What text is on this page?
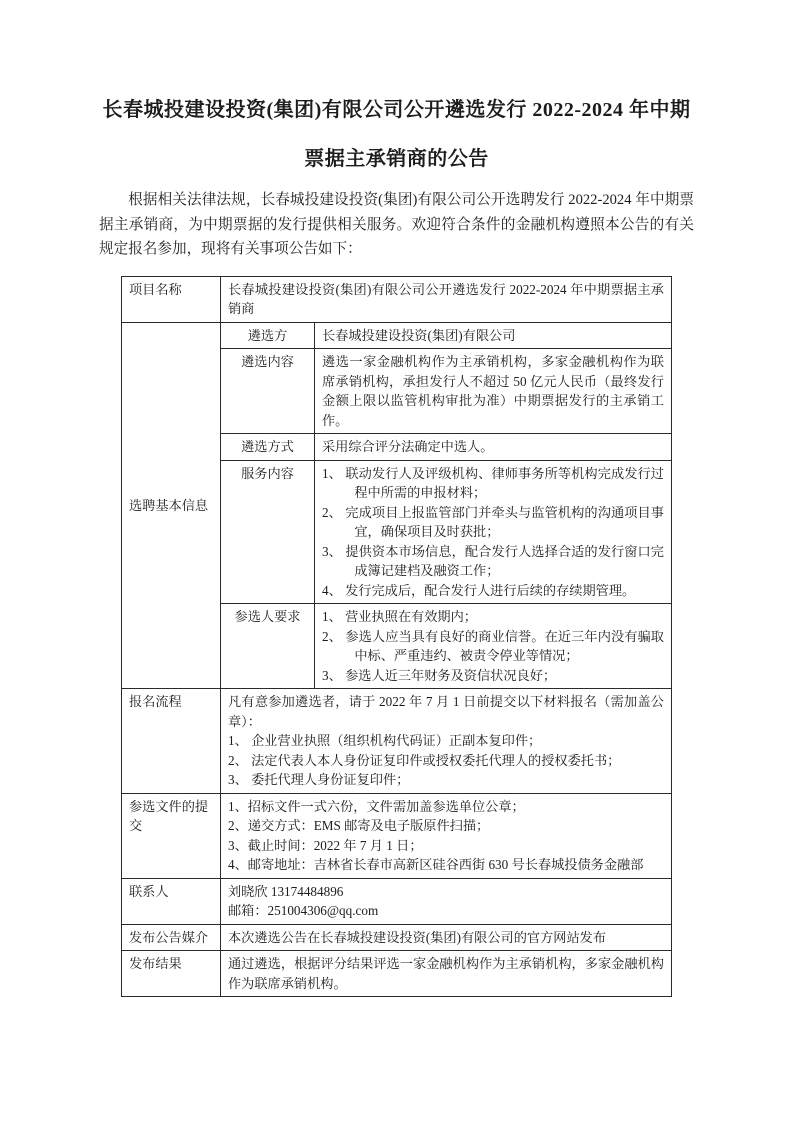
长春城投建设投资(集团)有限公司公开遴选发行 2022-2024 年中期
票据主承销商的公告

根据相关法律法规，长春城投建设投资(集团)有限公司公开选聘发行 2022-2024 年中期票据主承销商，为中期票据的发行提供相关服务。欢迎符合条件的金融机构遵照本公告的有关规定报名参加，现将有关事项公告如下：

项目名称	长春城投建设投资(集团)有限公司公开遴选发行 2022-2024 年中期票据主承销商	

选聘基本信息	遴选方	长春城投建设投资(集团)有限公司

	遴选内容	遴选一家金融机构作为主承销机构，多家金融机构作为联席承销机构，承担发行人不超过 50 亿元人民币（最终发行金额上限以监管机构审批为准）中期票据发行的主承销工作。

	遴选方式	采用综合评分法确定中选人。

	服务内容	1、 联动发行人及评级机构、律师事务所等机构完成发行过程中所需的申报材料；
2、 完成项目上报监管部门并牵头与监管机构的沟通项目事宜，确保项目及时获批；
3、 提供资本市场信息，配合发行人选择合适的发行窗口完成簿记建档及融资工作；
4、 发行完成后，配合发行人进行后续的存续期管理。

	参选人要求	1、 营业执照在有效期内；
2、 参选人应当具有良好的商业信誉。在近三年内没有骗取中标、严重违约、被责令停业等情况；
3、 参选人近三年财务及资信状况良好；

报名流程	凡有意参加遴选者，请于 2022 年 7 月 1 日前提交以下材料报名（需加盖公章）：
1、 企业营业执照（组织机构代码证）正副本复印件；
2、 法定代表人本人身份证复印件或授权委托代理人的授权委托书；
3、 委托代理人身份证复印件；	

参选文件的提交	1、招标文件一式六份，文件需加盖参选单位公章；
2、递交方式：EMS 邮寄及电子版原件扫描；
3、截止时间：2022 年 7 月 1 日；
4、邮寄地址：吉林省长春市高新区硅谷西街 630 号长春城投债务金融部	

联系人	刘晓欣 13174484896
邮箱：251004306@qq.com	

发布公告媒介	本次遴选公告在长春城投建设投资(集团)有限公司的官方网站发布	

发布结果	通过遴选，根据评分结果评选一家金融机构作为主承销机构，多家金融机构作为联席承销机构。	
